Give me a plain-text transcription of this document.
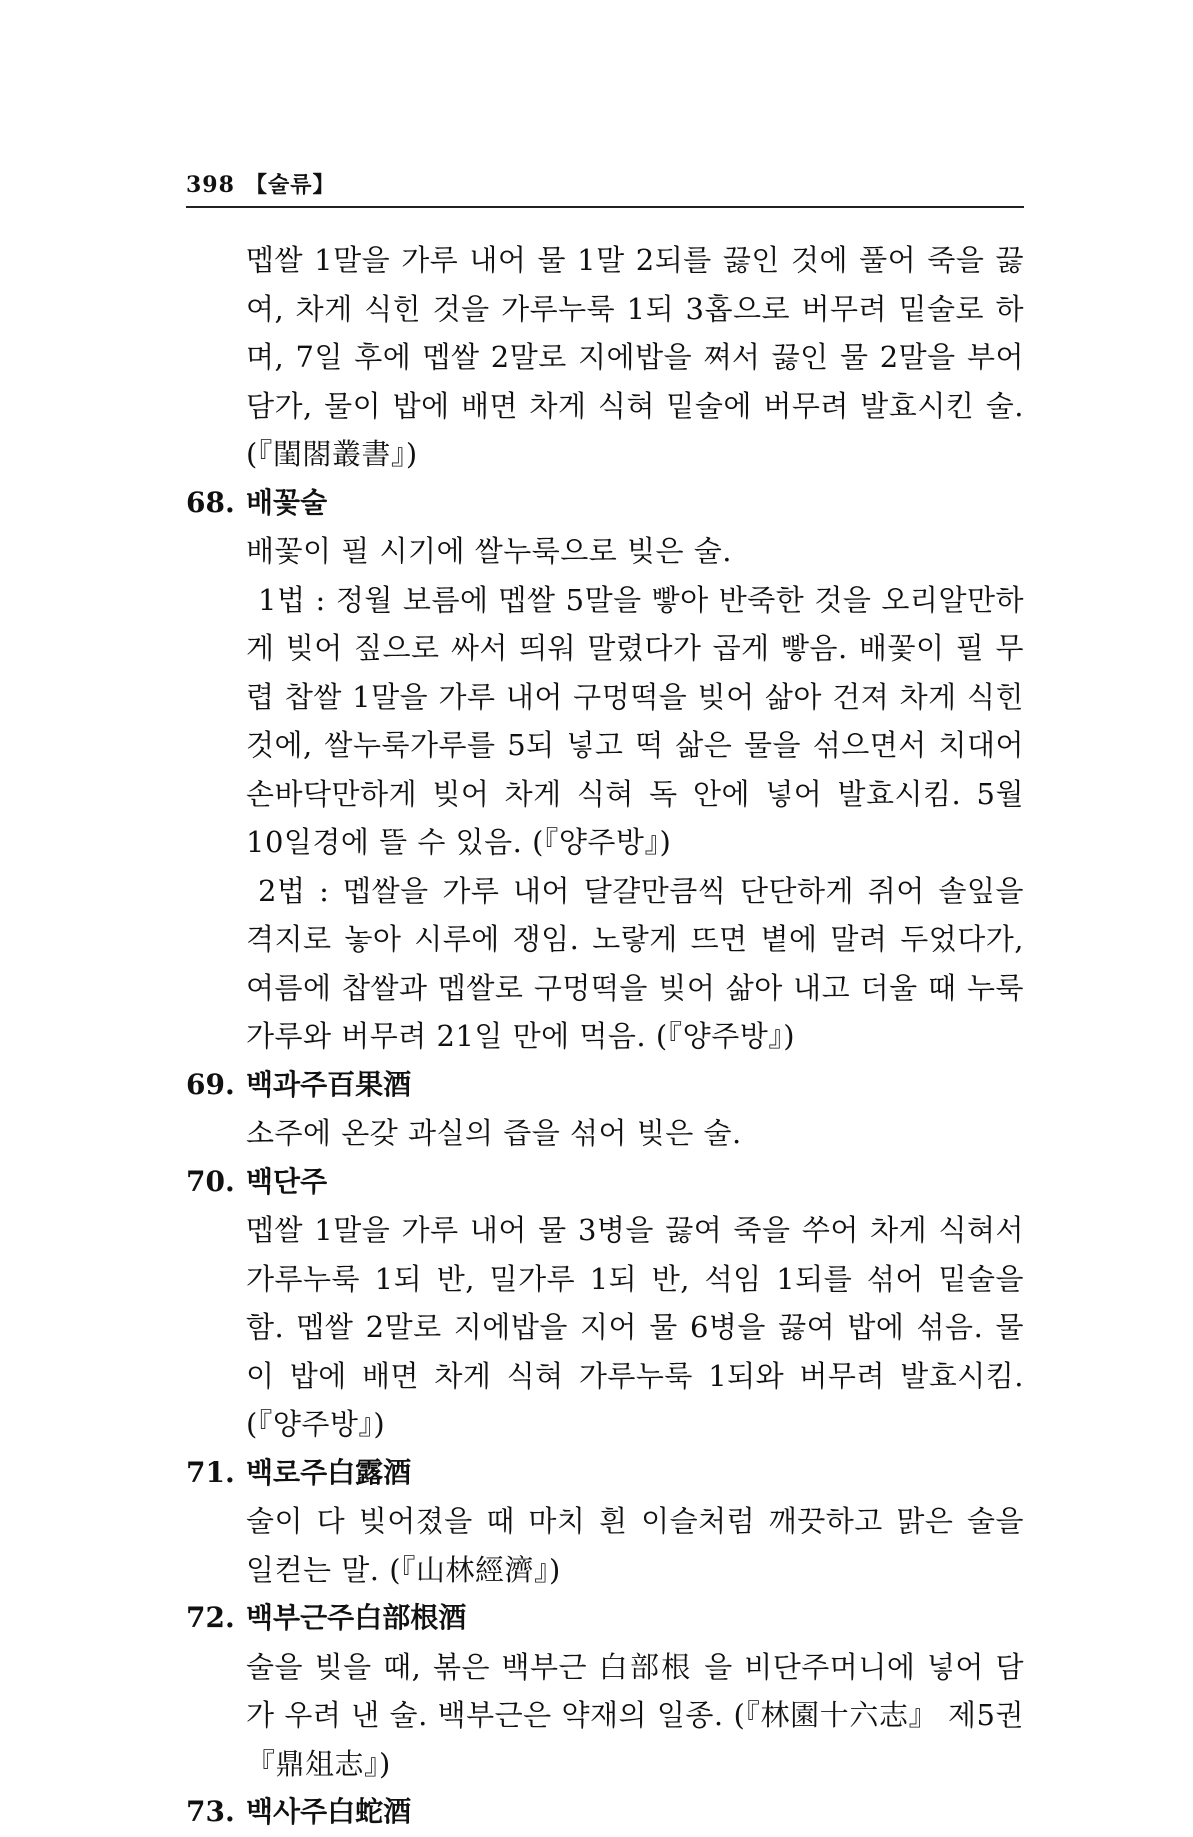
398 【술류】

멥쌀 1말을 가루 내어 물 1말 2되를 끓인 것에 풀어 죽을 끓여, 차게 식힌 것을 가루누룩 1되 3홉으로 버무려 밑술로 하며, 7일 후에 멥쌀 2말로 지에밥을 쪄서 끓인 물 2말을 부어 담가, 물이 밥에 배면 차게 식혀 밑술에 버무려 발효시킨 술. (『閨閤叢書』)

68. 배꽃술

배꽃이 필 시기에 쌀누룩으로 빚은 술.

1법 : 정월 보름에 멥쌀 5말을 빻아 반죽한 것을 오리알만하게 빚어 짚으로 싸서 띄워 말렸다가 곱게 빻음. 배꽃이 필 무렵 찹쌀 1말을 가루 내어 구멍떡을 빚어 삶아 건져 차게 식힌 것에, 쌀누룩가루를 5되 넣고 떡 삶은 물을 섞으면서 치대어 손바닥만하게 빚어 차게 식혀 독 안에 넣어 발효시킴. 5월 10일경에 뜰 수 있음. (『양주방』)

2법 : 멥쌀을 가루 내어 달걀만큼씩 단단하게 쥐어 솔잎을 격지로 놓아 시루에 쟁임. 노랗게 뜨면 볕에 말려 두었다가, 여름에 찹쌀과 멥쌀로 구멍떡을 빚어 삶아 내고 더울 때 누룩가루와 버무려 21일 만에 먹음. (『양주방』)

69. 백과주百果酒

소주에 온갖 과실의 즙을 섞어 빚은 술.

70. 백단주

멥쌀 1말을 가루 내어 물 3병을 끓여 죽을 쑤어 차게 식혀서 가루누룩 1되 반, 밀가루 1되 반, 석임 1되를 섞어 밑술을 함. 멥쌀 2말로 지에밥을 지어 물 6병을 끓여 밥에 섞음. 물이 밥에 배면 차게 식혀 가루누룩 1되와 버무려 발효시킴. (『양주방』)

71. 백로주白露酒

술이 다 빚어졌을 때 마치 흰 이슬처럼 깨끗하고 맑은 술을 일컫는 말. (『山林經濟』)

72. 백부근주白部根酒

술을 빚을 때, 볶은 백부근 白部根 을 비단주머니에 넣어 담가 우려 낸 술. 백부근은 약재의 일종. (『林園十六志』 제5권 『鼎俎志』)

73. 백사주白蛇酒
